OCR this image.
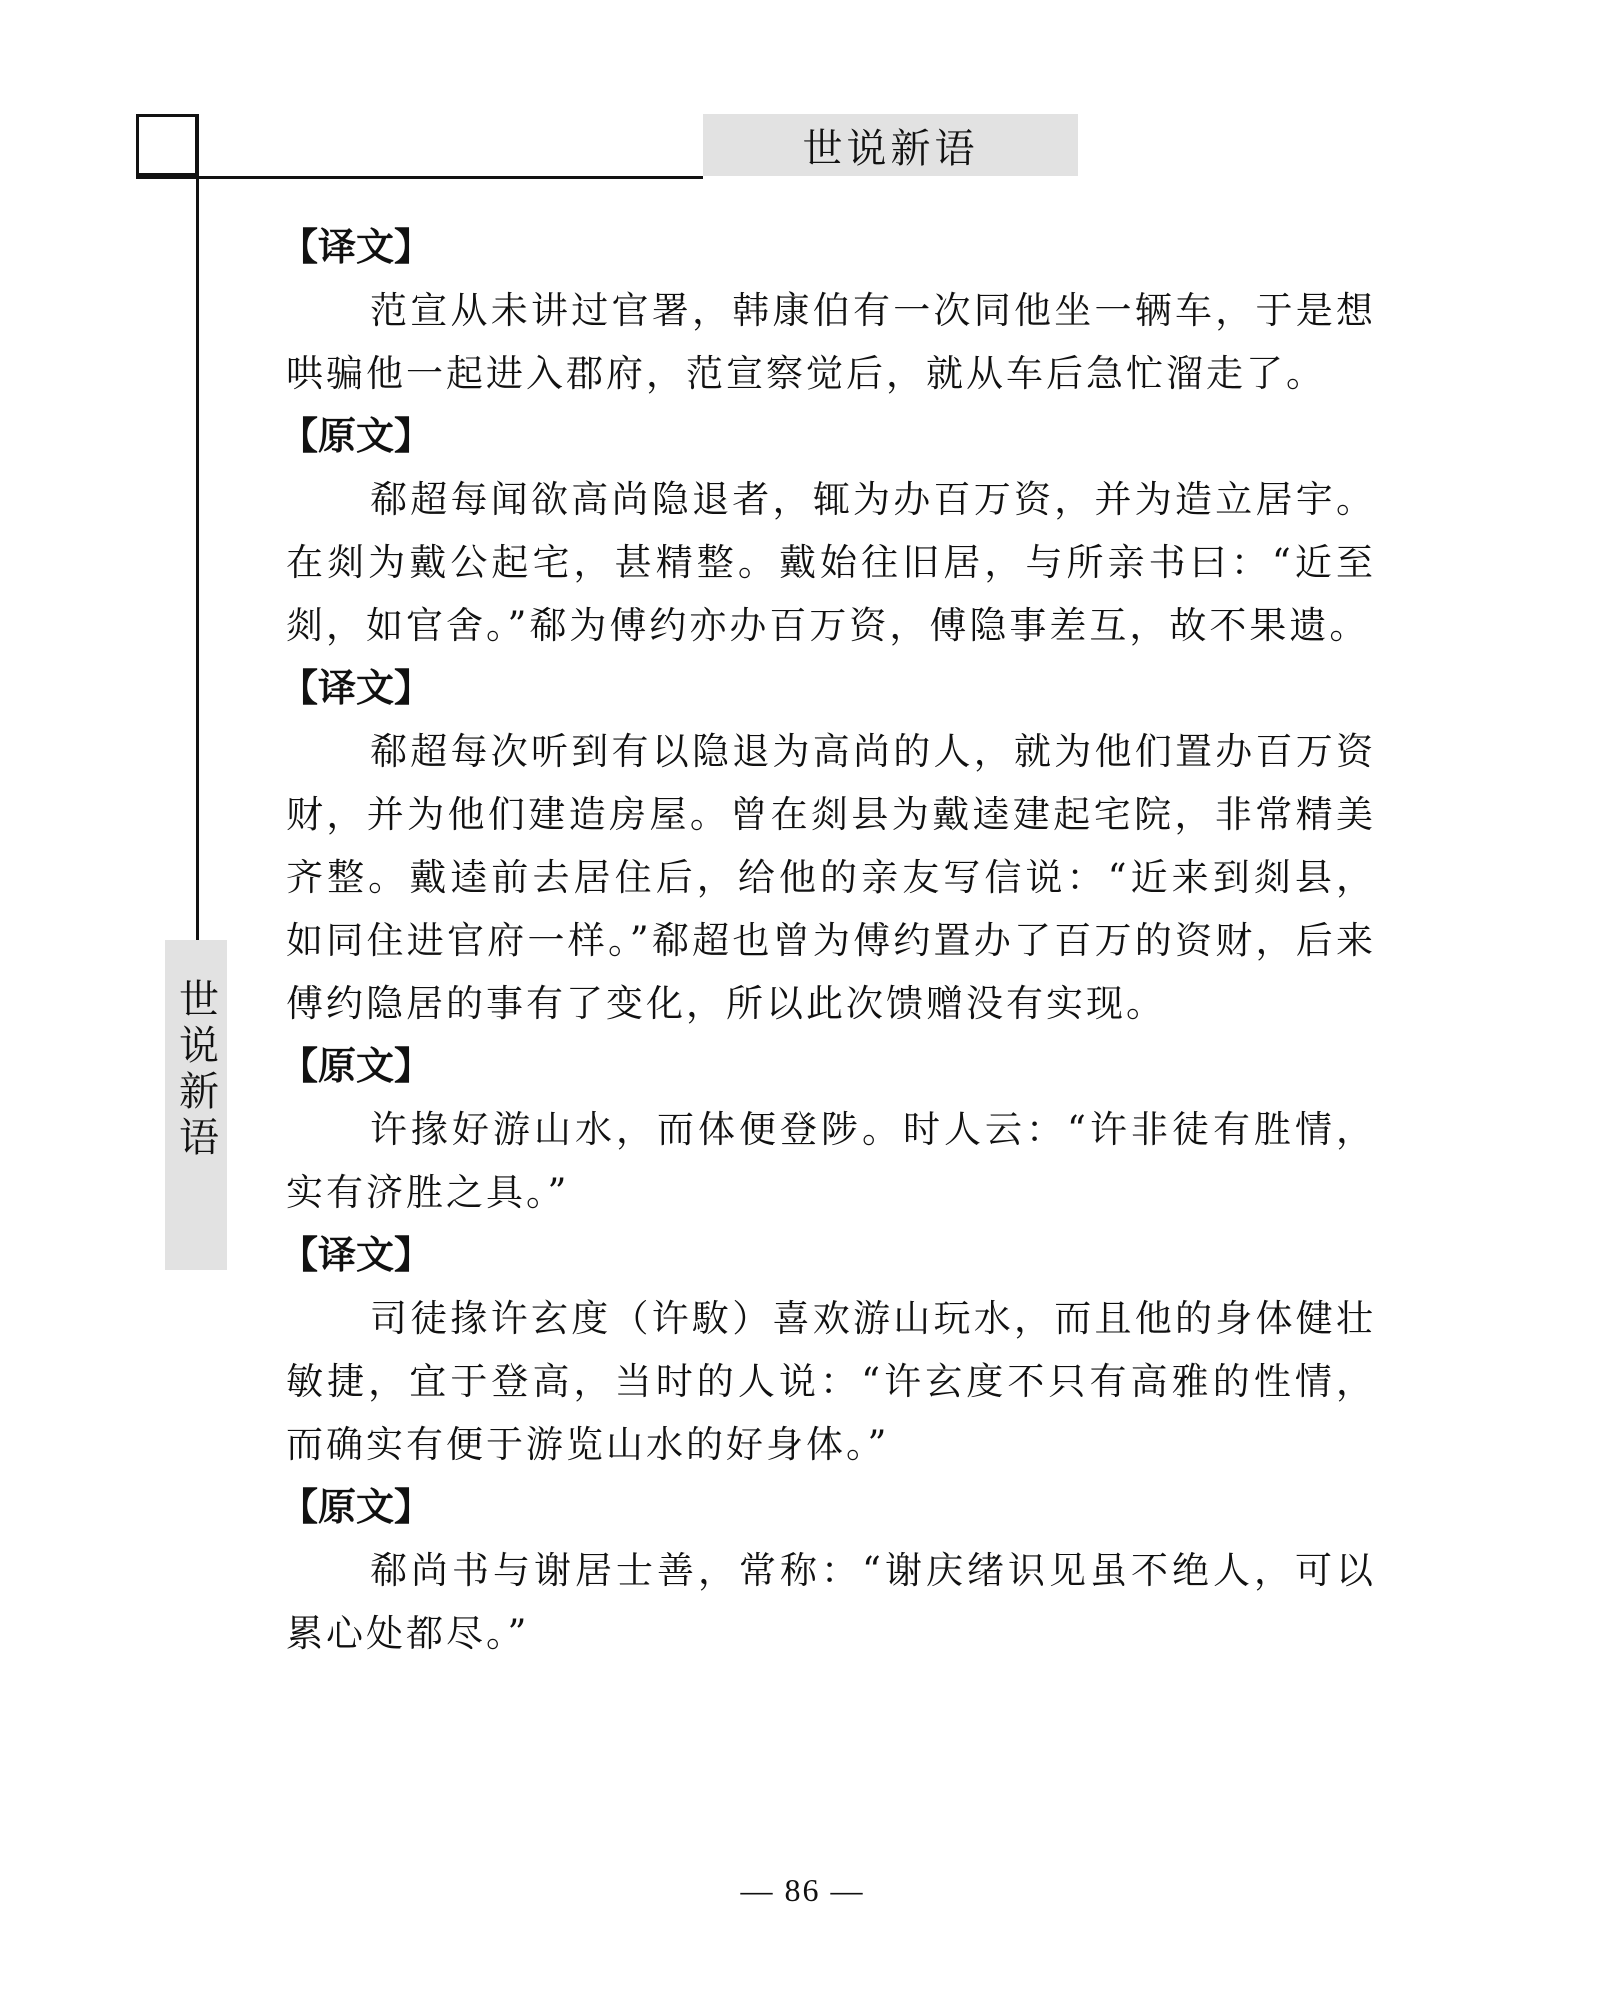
世说新语
世说新语
【译文】

范宣从未讲过官署，韩康伯有一次同他坐一辆车，于是想哄骗他一起进入郡府，范宣察觉后，就从车后急忙溜走了。

【原文】

郗超每闻欲高尚隐退者，辄为办百万资，并为造立居宇。在剡为戴公起宅，甚精整。戴始往旧居，与所亲书曰：“近至剡，如官舍。”郗为傅约亦办百万资，傅隐事差互，故不果遗。

【译文】

郗超每次听到有以隐退为高尚的人，就为他们置办百万资财，并为他们建造房屋。曾在剡县为戴逵建起宅院，非常精美齐整。戴逵前去居住后，给他的亲友写信说：“近来到剡县，如同住进官府一样。”郗超也曾为傅约置办了百万的资财，后来傅约隐居的事有了变化，所以此次馈赠没有实现。

【原文】

许掾好游山水，而体便登陟。时人云：“许非徒有胜情，实有济胜之具。”

【译文】

司徒掾许玄度（许駇）喜欢游山玩水，而且他的身体健壮敏捷，宜于登高，当时的人说：“许玄度不只有高雅的性情，而确实有便于游览山水的好身体。”

【原文】

郗尚书与谢居士善，常称：“谢庆绪识见虽不绝人，可以累心处都尽。”

— 86 —
